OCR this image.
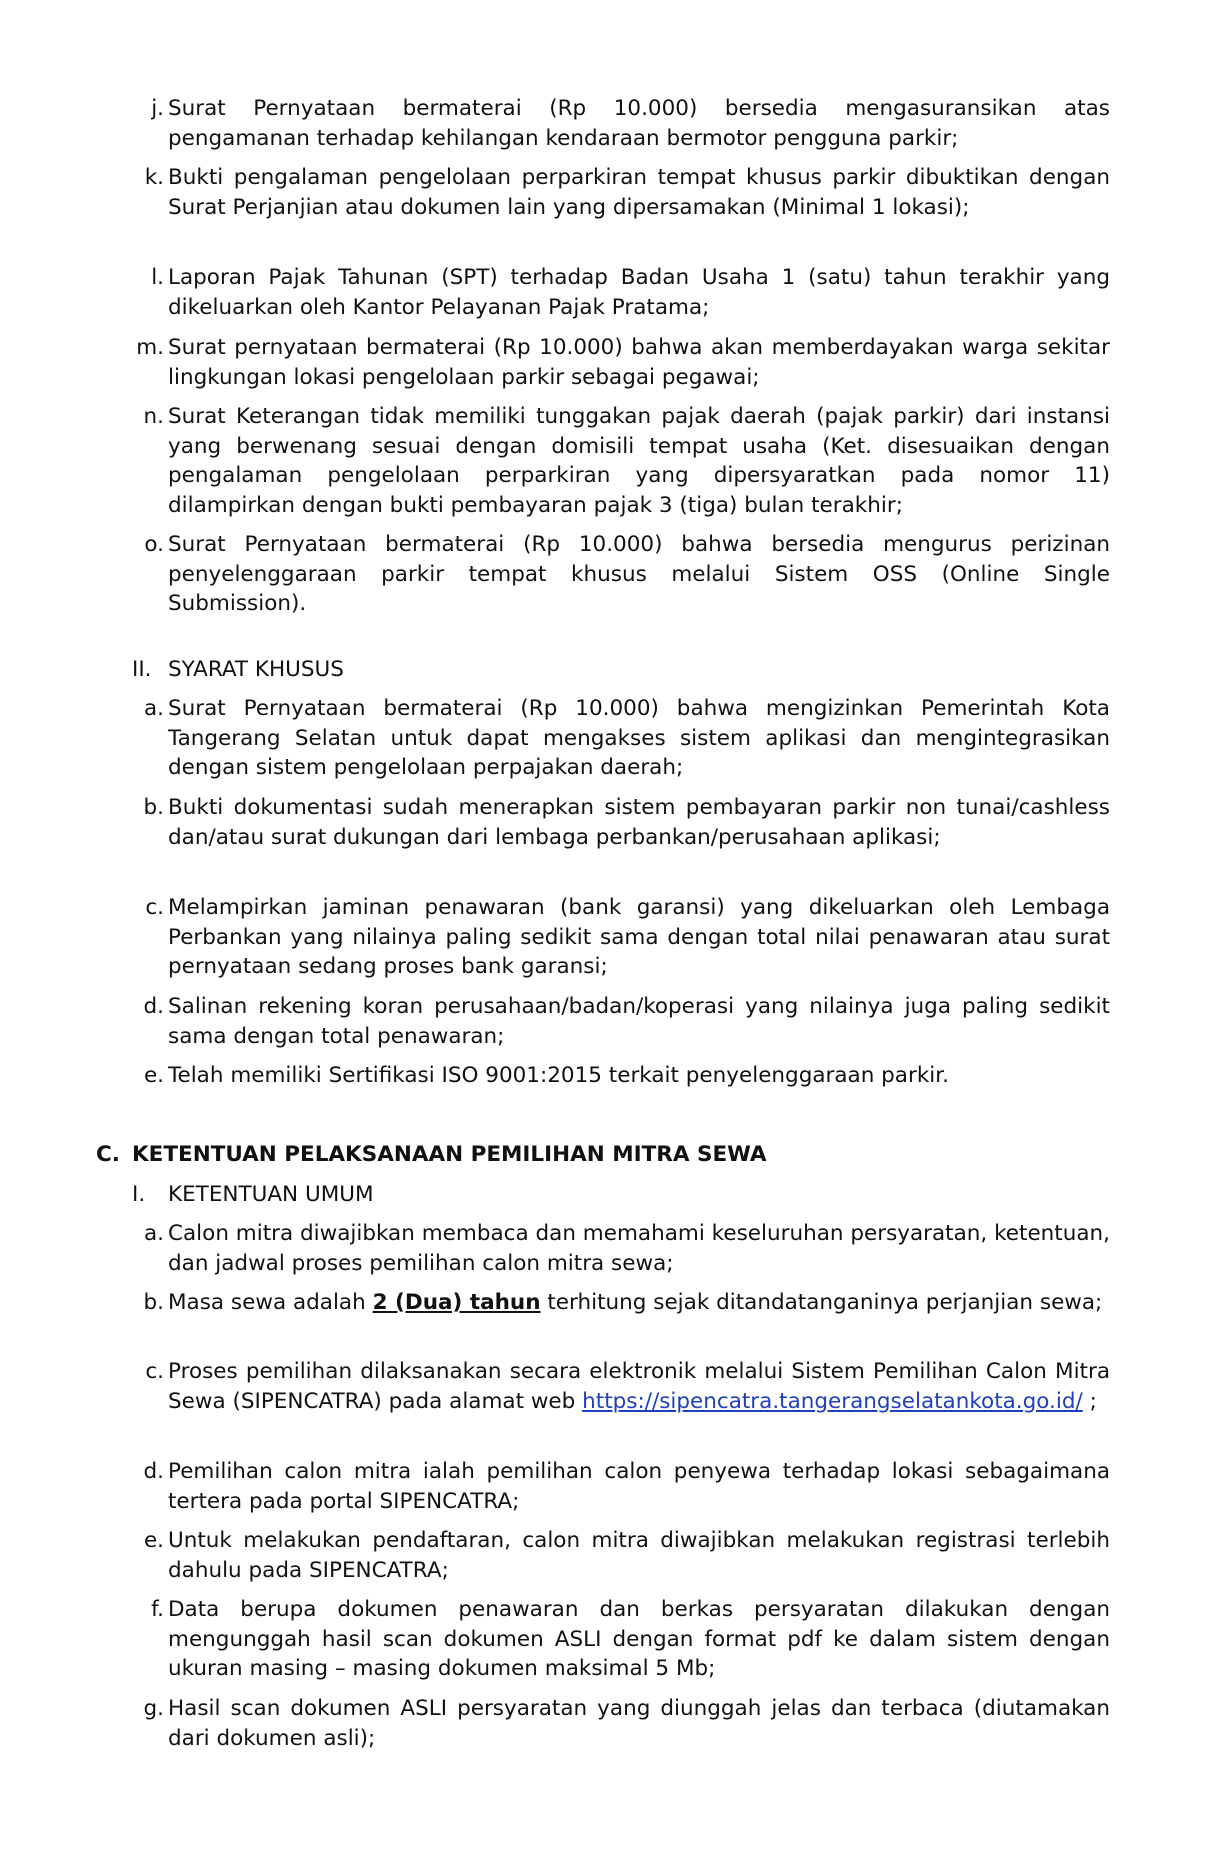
j. Surat Pernyataan bermaterai (Rp 10.000) bersedia mengasuransikan atas pengamanan terhadap kehilangan kendaraan bermotor pengguna parkir;
k. Bukti pengalaman pengelolaan perparkiran tempat khusus parkir dibuktikan dengan Surat Perjanjian atau dokumen lain yang dipersamakan (Minimal 1 lokasi);
l. Laporan Pajak Tahunan (SPT) terhadap Badan Usaha 1 (satu) tahun terakhir yang dikeluarkan oleh Kantor Pelayanan Pajak Pratama;
m. Surat pernyataan bermaterai (Rp 10.000) bahwa akan memberdayakan warga sekitar lingkungan lokasi pengelolaan parkir sebagai pegawai;
n. Surat Keterangan tidak memiliki tunggakan pajak daerah (pajak parkir) dari instansi yang berwenang sesuai dengan domisili tempat usaha (Ket. disesuaikan dengan pengalaman pengelolaan perparkiran yang dipersyaratkan pada nomor 11) dilampirkan dengan bukti pembayaran pajak 3 (tiga) bulan terakhir;
o. Surat Pernyataan bermaterai (Rp 10.000) bahwa bersedia mengurus perizinan penyelenggaraan parkir tempat khusus melalui Sistem OSS (Online Single Submission).
II. SYARAT KHUSUS
a. Surat Pernyataan bermaterai (Rp 10.000) bahwa mengizinkan Pemerintah Kota Tangerang Selatan untuk dapat mengakses sistem aplikasi dan mengintegrasikan dengan sistem pengelolaan perpajakan daerah;
b. Bukti dokumentasi sudah menerapkan sistem pembayaran parkir non tunai/cashless dan/atau surat dukungan dari lembaga perbankan/perusahaan aplikasi;
c. Melampirkan jaminan penawaran (bank garansi) yang dikeluarkan oleh Lembaga Perbankan yang nilainya paling sedikit sama dengan total nilai penawaran atau surat pernyataan sedang proses bank garansi;
d. Salinan rekening koran perusahaan/badan/koperasi yang nilainya juga paling sedikit sama dengan total penawaran;
e. Telah memiliki Sertifikasi ISO 9001:2015 terkait penyelenggaraan parkir.
C. KETENTUAN PELAKSANAAN PEMILIHAN MITRA SEWA
I. KETENTUAN UMUM
a. Calon mitra diwajibkan membaca dan memahami keseluruhan persyaratan, ketentuan, dan jadwal proses pemilihan calon mitra sewa;
b. Masa sewa adalah 2 (Dua) tahun terhitung sejak ditandatanganinya perjanjian sewa;
c. Proses pemilihan dilaksanakan secara elektronik melalui Sistem Pemilihan Calon Mitra Sewa (SIPENCATRA) pada alamat web https://sipencatra.tangerangselatankota.go.id/ ;
d. Pemilihan calon mitra ialah pemilihan calon penyewa terhadap lokasi sebagaimana tertera pada portal SIPENCATRA;
e. Untuk melakukan pendaftaran, calon mitra diwajibkan melakukan registrasi terlebih dahulu pada SIPENCATRA;
f. Data berupa dokumen penawaran dan berkas persyaratan dilakukan dengan mengunggah hasil scan dokumen ASLI dengan format pdf ke dalam sistem dengan ukuran masing – masing dokumen maksimal 5 Mb;
g. Hasil scan dokumen ASLI persyaratan yang diunggah jelas dan terbaca (diutamakan dari dokumen asli);
